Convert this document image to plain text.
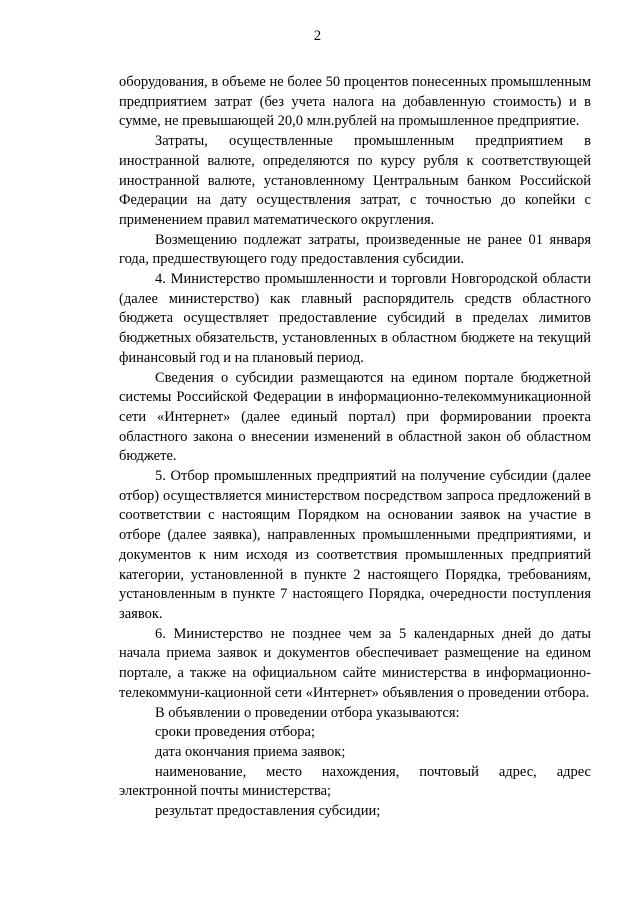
2

оборудования, в объеме не более 50 процентов понесенных промышленным предприятием затрат (без учета налога на добавленную стоимость) и в сумме, не превышающей 20,0 млн.рублей на промышленное предприятие.

Затраты, осуществленные промышленным предприятием в иностранной валюте, определяются по курсу рубля к соответствующей иностранной валюте, установленному Центральным банком Российской Федерации на дату осуществления затрат, с точностью до копейки с применением правил математического округления.

Возмещению подлежат затраты, произведенные не ранее 01 января года, предшествующего году предоставления субсидии.

4. Министерство промышленности и торговли Новгородской области (далее министерство) как главный распорядитель средств областного бюджета осуществляет предоставление субсидий в пределах лимитов бюджетных обязательств, установленных в областном бюджете на текущий финансовый год и на плановый период.

Сведения о субсидии размещаются на едином портале бюджетной системы Российской Федерации в информационно-телекоммуникационной сети «Интернет» (далее единый портал) при формировании проекта областного закона о внесении изменений в областной закон об областном бюджете.

5. Отбор промышленных предприятий на получение субсидии (далее отбор) осуществляется министерством посредством запроса предложений в соответствии с настоящим Порядком на основании заявок на участие в отборе (далее заявка), направленных промышленными предприятиями, и документов к ним исходя из соответствия промышленных предприятий категории, установленной в пункте 2 настоящего Порядка, требованиям, установленным в пункте 7 настоящего Порядка, очередности поступления заявок.

6. Министерство не позднее чем за 5 календарных дней до даты начала приема заявок и документов обеспечивает размещение на едином портале, а также на официальном сайте министерства в информационно-телекоммуни-кационной сети «Интернет» объявления о проведении отбора.

В объявлении о проведении отбора указываются:

сроки проведения отбора;

дата окончания приема заявок;

наименование, место нахождения, почтовый адрес, адрес электронной почты министерства;

результат предоставления субсидии;
